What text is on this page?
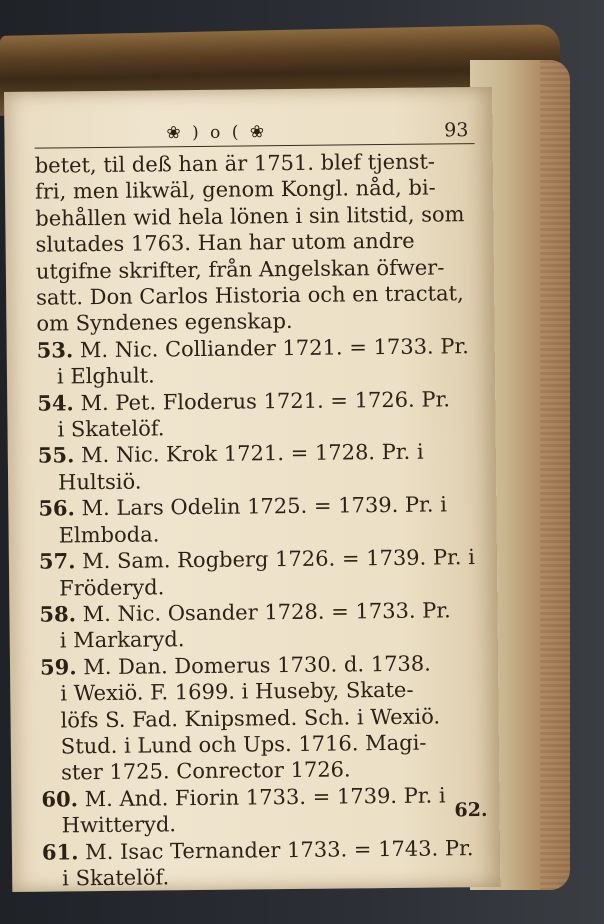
❀ ) o ( ❀	93
betet, til deß han är 1751. blef tjenst-
fri, men likwäl, genom Kongl. nåd, bi-
behållen wid hela lönen i sin litstid, som
slutades 1763. Han har utom andre
utgifne skrifter, från Angelskan öfwer-
satt. Don Carlos Historia och en tractat,
om Syndenes egenskap.
53. M. Nic. Colliander 1721. = 1733. Pr.
i Elghult.
54. M. Pet. Floderus 1721. = 1726. Pr.
i Skatelöf.
55. M. Nic. Krok 1721. = 1728. Pr. i
Hultsiö.
56. M. Lars Odelin 1725. = 1739. Pr. i
Elmboda.
57. M. Sam. Rogberg 1726. = 1739. Pr. i
Fröderyd.
58. M. Nic. Osander 1728. = 1733. Pr.
i Markaryd.
59. M. Dan. Domerus 1730. d. 1738.
i Wexiö. F. 1699. i Huseby, Skate-
löfs S. Fad. Knipsmed. Sch. i Wexiö.
Stud. i Lund och Ups. 1716. Magi-
ster 1725. Conrector 1726.
60. M. And. Fiorin 1733. = 1739. Pr. i
Hwitteryd.
61. M. Isac Ternander 1733. = 1743. Pr.
i Skatelöf.
62.
